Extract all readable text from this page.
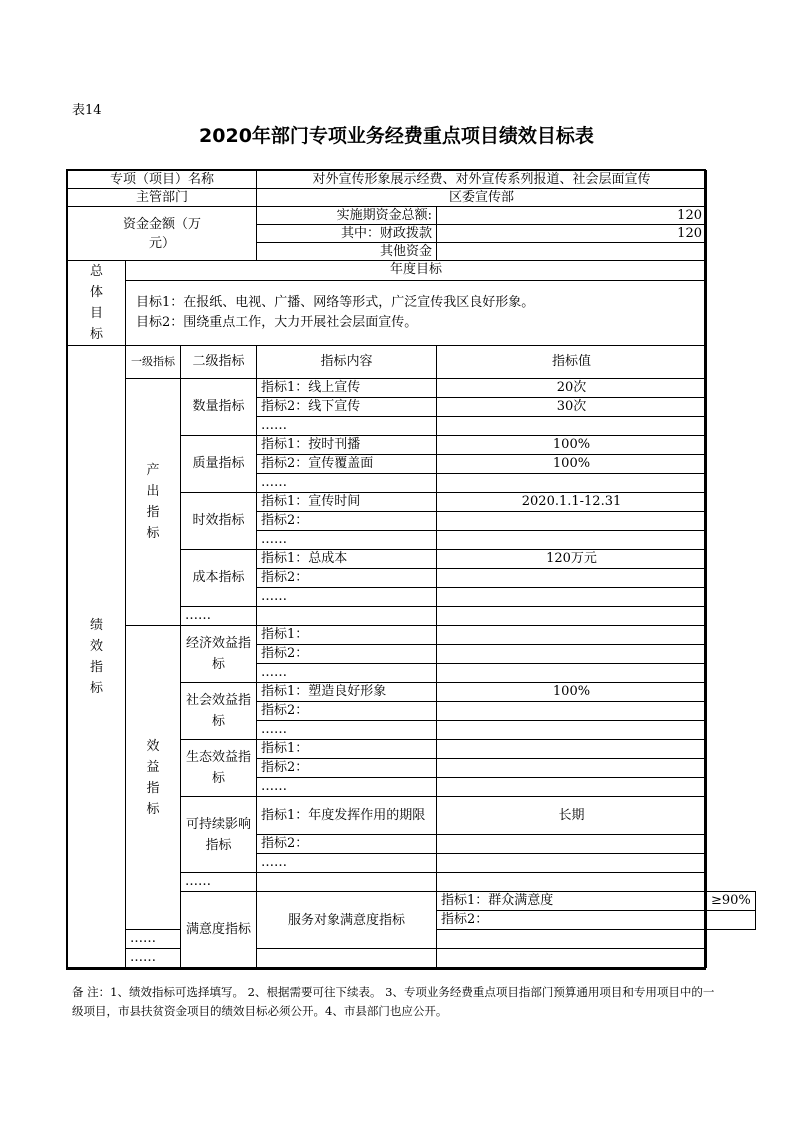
表14
2020年部门专项业务经费重点项目绩效目标表
专项（项目）名称			对外宣传形象展示经费、对外宣传系列报道、社会层面宣传		
主管部门			区委宣传部		
资金金额（万元）			实施期资金总额:	120	
			其中：财政拨款	120	
			其他资金		
总体目标	年度目标				

	目标1：在报纸、电视、广播、网络等形式，广泛宣传我区良好形象。
目标2：围绕重点工作，大力开展社会层面宣传。				

绩效指标	一级指标	二级指标	指标内容	指标值	
	产出指标	数量指标	指标1：线上宣传	20次	
			指标2：线下宣传	30次	
			……		
		质量指标	指标1：按时刊播	100%	
			指标2：宣传覆盖面	100%	
			……		
		时效指标	指标1：宣传时间	2020.1.1-12.31	
			指标2：		
			……		
		成本指标	指标1：总成本	120万元	
			指标2：		
			……		
		……			
	效益指标	经济效益指标	指标1：		
			指标2：		
			……		
		社会效益指标	指标1：塑造良好形象	100%	
			指标2：		
			……		
		生态效益指标	指标1：		
			指标2：		
			……		
		可持续影响指标	指标1：年度发挥作用的期限	长期	
			指标2：		
			……		
		……			
		满意度指标	服务对象满意度指标	指标1：群众满意度	≥90%
				指标2：	
	……				
	……				
备 注：1、绩效指标可选择填写。 2、根据需要可往下续表。 3、专项业务经费重点项目指部门预算通用项目和专用项目中的一级项目，市县扶贫资金项目的绩效目标必须公开。4、市县部门也应公开。
